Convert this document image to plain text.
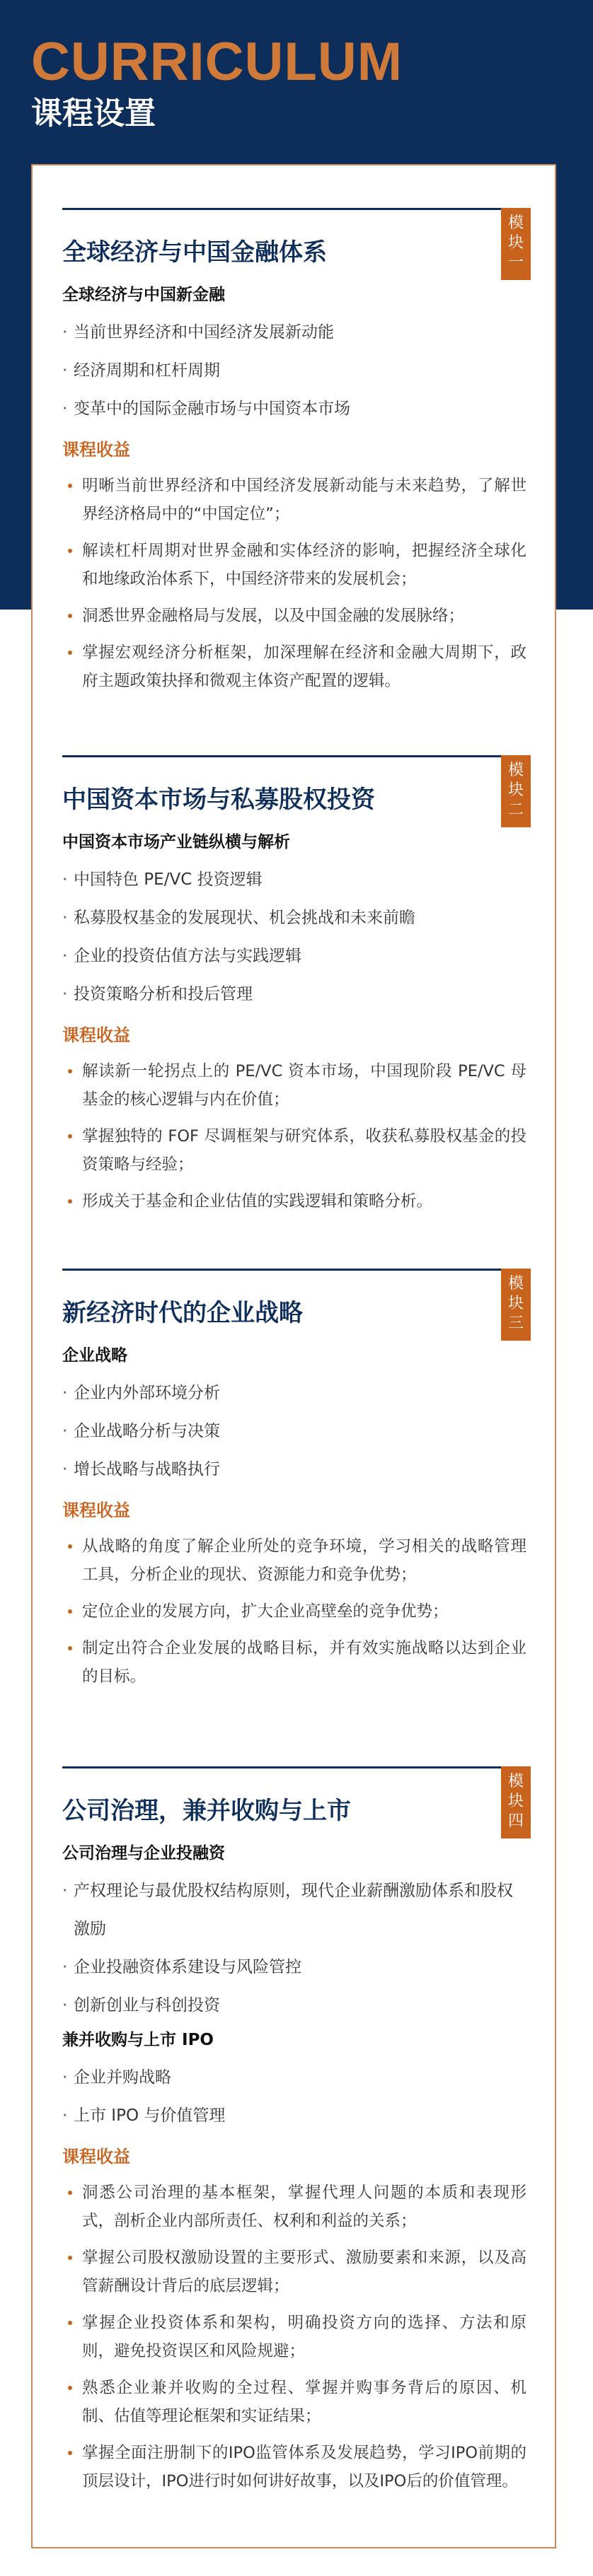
CURRICULUM
课程设置
模
块
一
全球经济与中国金融体系
全球经济与中国新金融
· 当前世界经济和中国经济发展新动能
· 经济周期和杠杆周期
· 变革中的国际金融市场与中国资本市场
课程收益
明晰当前世界经济和中国经济发展新动能与未来趋势，了解世界经济格局中的“中国定位”；
解读杠杆周期对世界金融和实体经济的影响，把握经济全球化和地缘政治体系下，中国经济带来的发展机会；
洞悉世界金融格局与发展，以及中国金融的发展脉络；
掌握宏观经济分析框架，加深理解在经济和金融大周期下，政府主题政策抉择和微观主体资产配置的逻辑。
模
块
二
中国资本市场与私募股权投资
中国资本市场产业链纵横与解析
· 中国特色 PE/VC 投资逻辑
· 私募股权基金的发展现状、机会挑战和未来前瞻
· 企业的投资估值方法与实践逻辑
· 投资策略分析和投后管理
课程收益
解读新一轮拐点上的 PE/VC 资本市场，中国现阶段 PE/VC 母基金的核心逻辑与内在价值；
掌握独特的 FOF 尽调框架与研究体系，收获私募股权基金的投资策略与经验；
形成关于基金和企业估值的实践逻辑和策略分析。
模
块
三
新经济时代的企业战略
企业战略
· 企业内外部环境分析
· 企业战略分析与决策
· 增长战略与战略执行
课程收益
从战略的角度了解企业所处的竞争环境，学习相关的战略管理工具，分析企业的现状、资源能力和竞争优势；
定位企业的发展方向，扩大企业高壁垒的竞争优势；
制定出符合企业发展的战略目标，并有效实施战略以达到企业的目标。
模
块
四
公司治理，兼并收购与上市
公司治理与企业投融资
· 产权理论与最优股权结构原则，现代企业薪酬激励体系和股权激励
· 企业投融资体系建设与风险管控
· 创新创业与科创投资
兼并收购与上市 IPO
· 企业并购战略
· 上市 IPO 与价值管理
课程收益
洞悉公司治理的基本框架，掌握代理人问题的本质和表现形式，剖析企业内部所责任、权利和利益的关系；
掌握公司股权激励设置的主要形式、激励要素和来源，以及高管薪酬设计背后的底层逻辑；
掌握企业投资体系和架构，明确投资方向的选择、方法和原则，避免投资误区和风险规避；
熟悉企业兼并收购的全过程、掌握并购事务背后的原因、机制、估值等理论框架和实证结果；
掌握全面注册制下的IPO监管体系及发展趋势，学习IPO前期的顶层设计，IPO进行时如何讲好故事，以及IPO后的价值管理。
